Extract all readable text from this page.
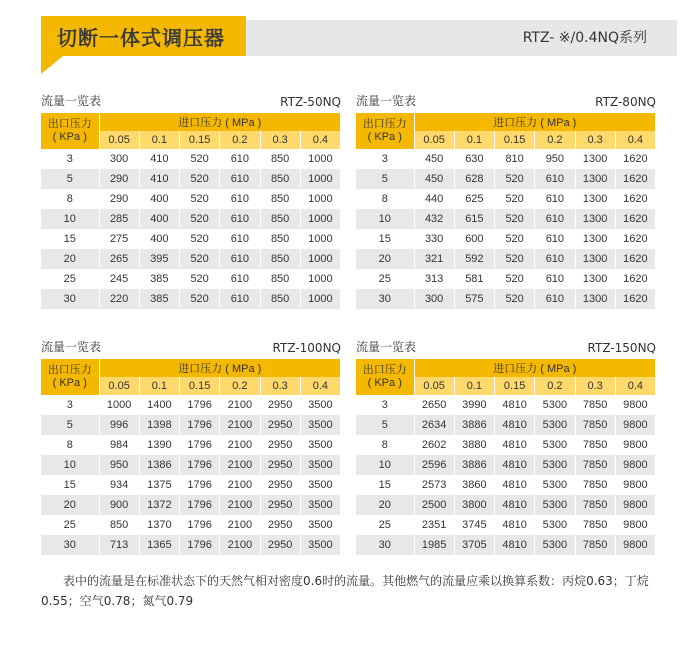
切断一体式调压器	RTZ- ※/0.4NQ系列
流量一览表	RTZ-50NQ
出口压力
( KPa )	进口压力 ( MPa )					
	0.05	0.1	0.15	0.2	0.3	0.4
3	300	410	520	610	850	1000
5	290	410	520	610	850	1000
8	290	400	520	610	850	1000
10	285	400	520	610	850	1000
15	275	400	520	610	850	1000
20	265	395	520	610	850	1000
25	245	385	520	610	850	1000
30	220	385	520	610	850	1000
流量一览表	RTZ-80NQ
出口压力
( KPa )	进口压力 ( MPa )					
	0.05	0.1	0.15	0.2	0.3	0.4
3	450	630	810	950	1300	1620
5	450	628	520	610	1300	1620
8	440	625	520	610	1300	1620
10	432	615	520	610	1300	1620
15	330	600	520	610	1300	1620
20	321	592	520	610	1300	1620
25	313	581	520	610	1300	1620
30	300	575	520	610	1300	1620
流量一览表	RTZ-100NQ
出口压力
( KPa )	进口压力 ( MPa )					
	0.05	0.1	0.15	0.2	0.3	0.4
3	1000	1400	1796	2100	2950	3500
5	996	1398	1796	2100	2950	3500
8	984	1390	1796	2100	2950	3500
10	950	1386	1796	2100	2950	3500
15	934	1375	1796	2100	2950	3500
20	900	1372	1796	2100	2950	3500
25	850	1370	1796	2100	2950	3500
30	713	1365	1796	2100	2950	3500
流量一览表	RTZ-150NQ
出口压力
( KPa )	进口压力 ( MPa )					
	0.05	0.1	0.15	0.2	0.3	0.4
3	2650	3990	4810	5300	7850	9800
5	2634	3886	4810	5300	7850	9800
8	2602	3880	4810	5300	7850	9800
10	2596	3886	4810	5300	7850	9800
15	2573	3860	4810	5300	7850	9800
20	2500	3800	4810	5300	7850	9800
25	2351	3745	4810	5300	7850	9800
30	1985	3705	4810	5300	7850	9800
表中的流量是在标准状态下的天然气相对密度0.6时的流量。其他燃气的流量应乘以换算系数：丙烷0.63；丁烷0.55；空气0.78；氮气0.79
